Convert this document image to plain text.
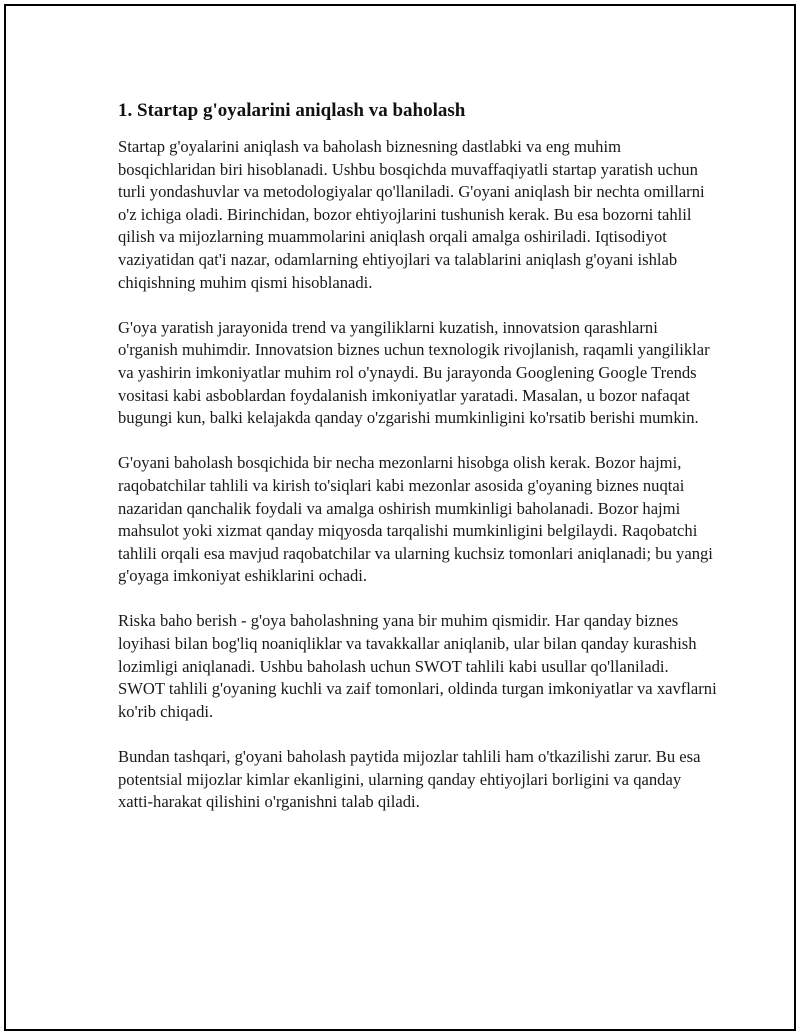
1. Startap g'oyalarini aniqlash va baholash

Startap g'oyalarini aniqlash va baholash biznesning dastlabki va eng muhim bosqichlaridan biri hisoblanadi. Ushbu bosqichda muvaffaqiyatli startap yaratish uchun turli yondashuvlar va metodologiyalar qo'llaniladi. G'oyani aniqlash bir nechta omillarni o'z ichiga oladi. Birinchidan, bozor ehtiyojlarini tushunish kerak. Bu esa bozorni tahlil qilish va mijozlarning muammolarini aniqlash orqali amalga oshiriladi. Iqtisodiyot vaziyatidan qat'i nazar, odamlarning ehtiyojlari va talablarini aniqlash g'oyani ishlab chiqishning muhim qismi hisoblanadi.

G'oya yaratish jarayonida trend va yangiliklarni kuzatish, innovatsion qarashlarni o'rganish muhimdir. Innovatsion biznes uchun texnologik rivojlanish, raqamli yangiliklar va yashirin imkoniyatlar muhim rol o'ynaydi. Bu jarayonda Googlening Google Trends vositasi kabi asboblardan foydalanish imkoniyatlar yaratadi. Masalan, u bozor nafaqat bugungi kun, balki kelajakda qanday o'zgarishi mumkinligini ko'rsatib berishi mumkin.

G'oyani baholash bosqichida bir necha mezonlarni hisobga olish kerak. Bozor hajmi, raqobatchilar tahlili va kirish to'siqlari kabi mezonlar asosida g'oyaning biznes nuqtai nazaridan qanchalik foydali va amalga oshirish mumkinligi baholanadi. Bozor hajmi mahsulot yoki xizmat qanday miqyosda tarqalishi mumkinligini belgilaydi. Raqobatchi tahlili orqali esa mavjud raqobatchilar va ularning kuchsiz tomonlari aniqlanadi; bu yangi g'oyaga imkoniyat eshiklarini ochadi.

Riska baho berish - g'oya baholashning yana bir muhim qismidir. Har qanday biznes loyihasi bilan bog'liq noaniqliklar va tavakkallar aniqlanib, ular bilan qanday kurashish lozimligi aniqlanadi. Ushbu baholash uchun SWOT tahlili kabi usullar qo'llaniladi. SWOT tahlili g'oyaning kuchli va zaif tomonlari, oldinda turgan imkoniyatlar va xavflarni ko'rib chiqadi.

Bundan tashqari, g'oyani baholash paytida mijozlar tahlili ham o'tkazilishi zarur. Bu esa potentsial mijozlar kimlar ekanligini, ularning qanday ehtiyojlari borligini va qanday xatti-harakat qilishini o'rganishni talab qiladi.
